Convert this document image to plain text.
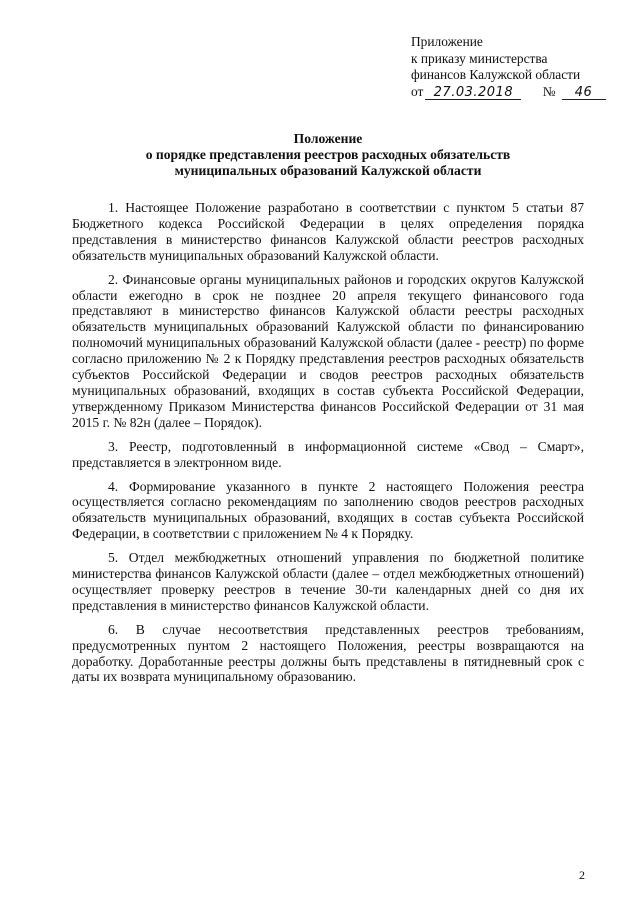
Приложение
к приказу министерства
финансов Калужской области
от 27.03.2018 № 46
Положение
о порядке представления реестров расходных обязательств
муниципальных образований Калужской области

1. Настоящее Положение разработано в соответствии с пунктом 5 статьи 87 Бюджетного кодекса Российской Федерации в целях определения порядка представления в министерство финансов Калужской области реестров расходных обязательств муниципальных образований Калужской области.

2. Финансовые органы муниципальных районов и городских округов Калужской области ежегодно в срок не позднее 20 апреля текущего финансового года представляют в министерство финансов Калужской области реестры расходных обязательств муниципальных образований Калужской области по финансированию полномочий муниципальных образований Калужской области (далее - реестр) по форме согласно приложению № 2 к Порядку представления реестров расходных обязательств субъектов Российской Федерации и сводов реестров расходных обязательств муниципальных образований, входящих в состав субъекта Российской Федерации, утвержденному Приказом Министерства финансов Российской Федерации от 31 мая 2015 г. № 82н (далее – Порядок).

3. Реестр, подготовленный в информационной системе «Свод – Смарт», представляется в электронном виде.

4. Формирование указанного в пункте 2 настоящего Положения реестра осуществляется согласно рекомендациям по заполнению сводов реестров расходных обязательств муниципальных образований, входящих в состав субъекта Российской Федерации, в соответствии с приложением № 4 к Порядку.

5. Отдел межбюджетных отношений управления по бюджетной политике министерства финансов Калужской области (далее – отдел межбюджетных отношений) осуществляет проверку реестров в течение 30-ти календарных дней со дня их представления в министерство финансов Калужской области.

6. В случае несоответствия представленных реестров требованиям, предусмотренных пунтом 2 настоящего Положения, реестры возвращаются на доработку. Доработанные реестры должны быть представлены в пятидневный срок с даты их возврата муниципальному образованию.

2
